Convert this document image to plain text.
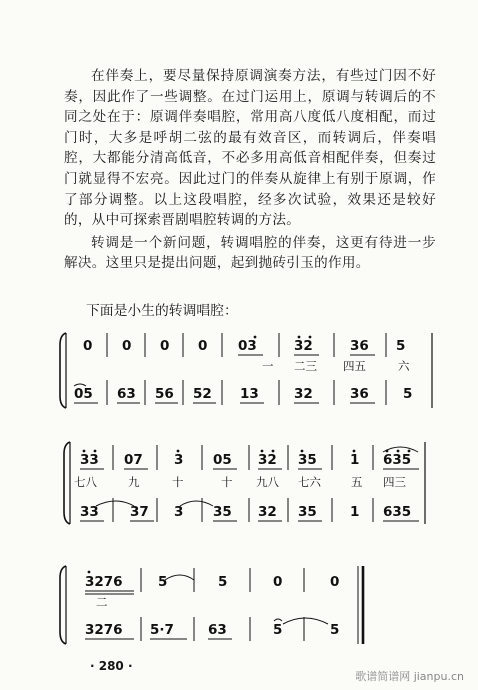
在伴奏上，要尽量保持原调演奏方法，有些过门因不好奏，因此作了一些调整。在过门运用上，原调与转调后的不同之处在于：原调伴奏唱腔，常用高八度低八度相配，而过门时，大多是呼胡二弦的最有效音区，而转调后，伴奏唱腔，大都能分清高低音，不必多用高低音相配伴奏，但奏过门就显得不宏亮。因此过门的伴奏从旋律上有别于原调，作了部分调整。以上这段唱腔，经多次试验，效果还是较好的，从中可探索晋剧唱腔转调的方法。

转调是一个新问题，转调唱腔的伴奏，这更有待进一步解决。这里只是提出问题，起到抛砖引玉的作用。

下面是小生的转调唱腔：
0 0 0 0 03	32	36 5
一 二三 四五	六
05 63 56 52 13	32	36	5
33 07 3 05 32 35 1 635
七八	九	十	十 九八 七六	五 四三
33 37 3 35 32 35 1 635
3276	5	5	0	0
二
3276 5·7	63	5	5
· 280 ·
歌谱简谱网 jianpu.cn
